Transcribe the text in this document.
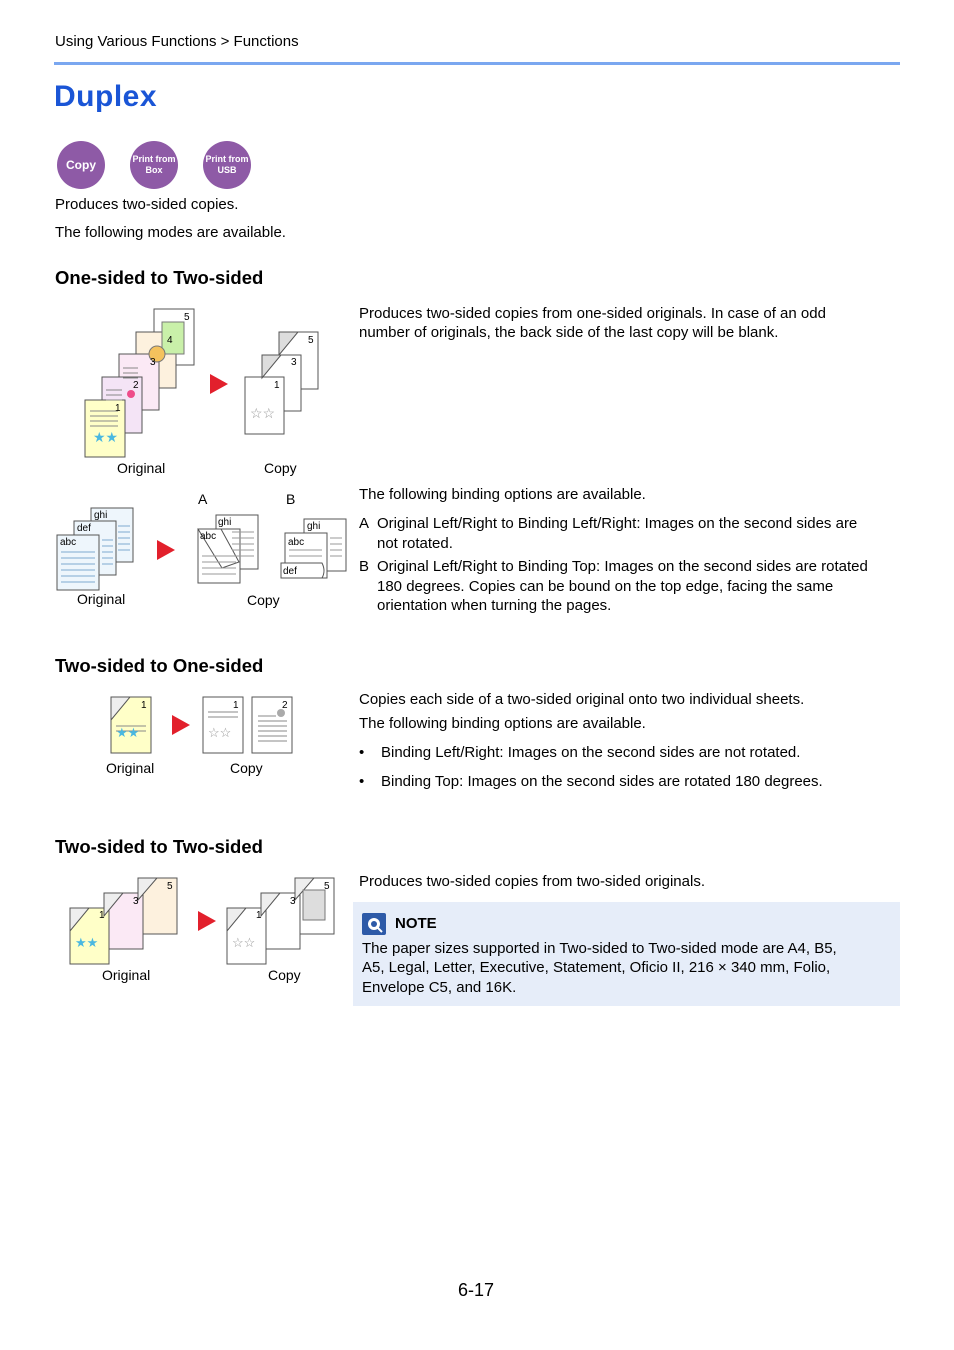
Using Various Functions > Functions
Duplex
Copy	Print from
Box
Print from
USB
Produces two-sided copies.
The following modes are available.
One-sided to Two-sided
★★
5
4
3
2
1
5
3
1
☆☆
Original	Copy
Produces two-sided copies from one-sided originals. In case of an odd
number of originals, the back side of the last copy will be blank.
ghi
def
abc
ghi
abc
ghi
abc
def
A	B
Original	Copy
The following binding options are available.
A Original Left/Right to Binding Left/Right: Images on the second sides are
not rotated.
B Original Left/Right to Binding Top: Images on the second sides are rotated
180 degrees. Copies can be bound on the top edge, facing the same
orientation when turning the pages.
Two-sided to One-sided
★★
1
☆☆
1	2
Original	Copy
Copies each side of a two-sided original onto two individual sheets.
The following binding options are available.
•	Binding Left/Right: Images on the second sides are not rotated.
•	Binding Top: Images on the second sides are rotated 180 degrees.
Two-sided to Two-sided
★★
5
3
1
☆☆
5
3
1
Original	Copy
Produces two-sided copies from two-sided originals.
NOTE
The paper sizes supported in Two-sided to Two-sided mode are A4, B5,
A5, Legal, Letter, Executive, Statement, Oficio II, 216 × 340 mm, Folio,
Envelope C5, and 16K.
6-17
